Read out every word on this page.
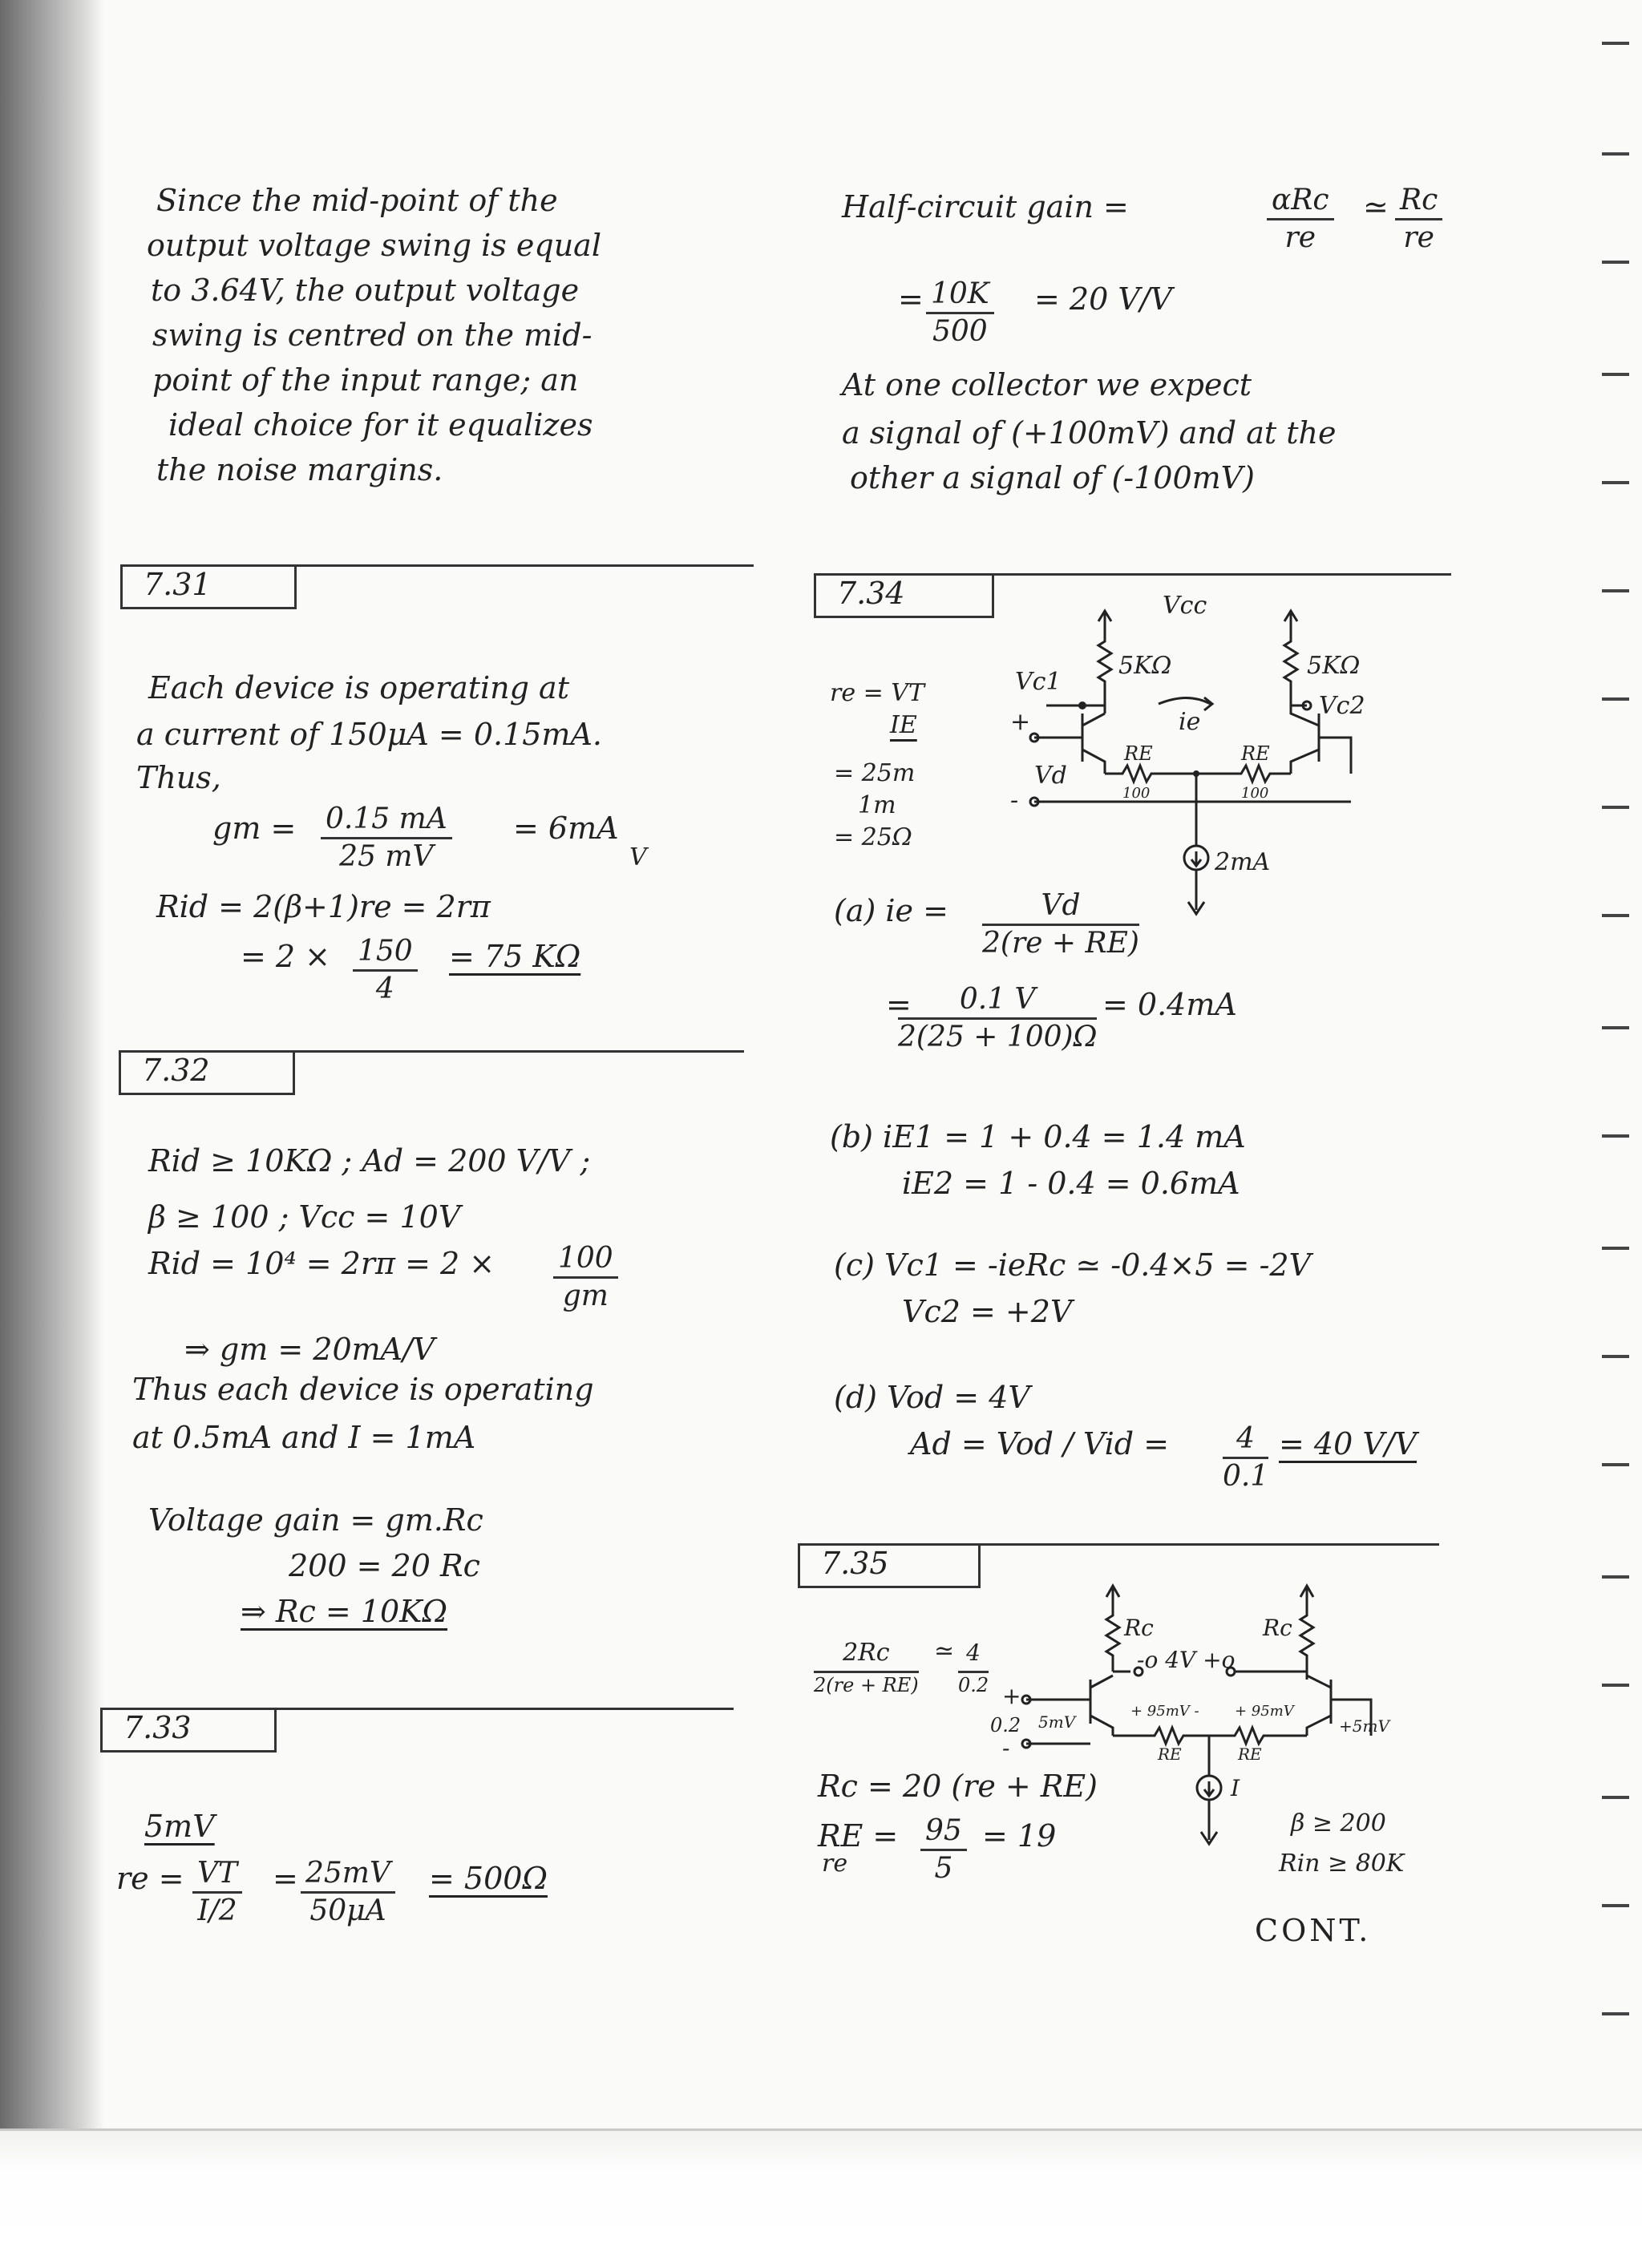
Since the mid-point of the

output voltage swing is equal

to 3.64V, the output voltage

swing is centred on the mid-

point of the input range; an

ideal choice for it equalizes

the noise margins.

7.31

Each device is operating at

a current of 150μA = 0.15mA.

Thus,

gm = $\frac{0.15 mA}{25 mV} = 6mA$

V

Rid = 2(β+1)re = 2rπ

= $2 \times \frac{150}{4} = 75$ KΩ

7.32

Rid ≥ 10KΩ ; Ad = 200 V/V ;

β ≥ 100 ; Vcc = 10V

Rid = $10^4 = 2r\pi = 2 \times \frac{100}{gm}$

⇒ gm = 20mA/V

Thus each device is operating

at 0.5mA and I = 1mA

Voltage gain = gm.Rc

200 = 20 Rc

⇒ Rc = 10KΩ

7.33

5mV

re = $\frac{VT}{I/2} = \frac{25mV}{50\mu A} = 500\Omega$

Half-circuit gain =	αRc
re

≃ $\frac{Rc}{re}$

= $\frac{10K}{500} = 20$ V/V

At one collector we expect

a signal of (+100mV) and at the

other a signal of (-100mV)

7.34

re = VT

IE

= 25m

1m

= 25Ω

Vcc
5KΩ	5KΩ
Vc1
Vc2
ie
RE	RE
100	100
Vd
+
-
2mA

(a) ie = $\frac{Vd}{2(re + RE)}$

=

$\frac{0.1 V}{2(25 + 100)\Omega} = 0.4mA$

(b) iE1 = 1 + 0.4 = 1.4 mA

iE2 = 1 - 0.4 = 0.6mA

(c) Vc1 = -ieRc ≃ -0.4×5 = -2V

Vc2 = +2V

(d) Vod = 4V

Ad = Vod / Vid = $\frac{4}{0.1} = 40$ V/V

7.35
2Rc
2(re + RE)

≃ $\frac{4}{0.2}$
Rc	Rc
-o 4V +o
+
-
0.2 5mV
+ 95mV - + 95mV
+5mV
RE	RE
I

Rc = 20 (re + RE)

RE = $\frac{95}{5} = 19$

re

β ≥ 200

Rin ≥ 80K

CONT.
